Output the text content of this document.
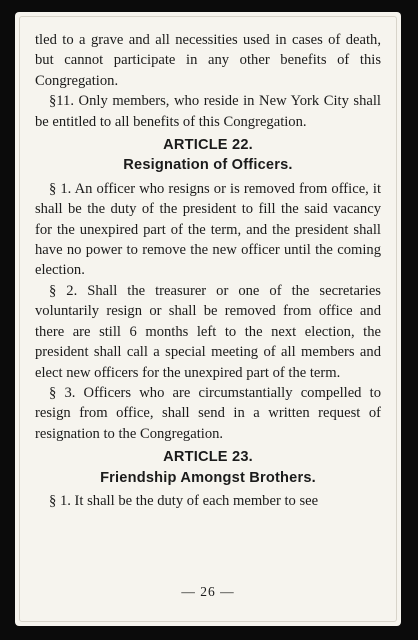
tled to a grave and all necessities used in cases of death, but cannot participate in any other benefits of this Congregation.

§11. Only members, who reside in New York City shall be entitled to all benefits of this Congregation.

ARTICLE 22.
Resignation of Officers.

§ 1. An officer who resigns or is removed from office, it shall be the duty of the president to fill the said vacancy for the unexpired part of the term, and the president shall have no power to remove the new officer until the coming election.

§ 2. Shall the treasurer or one of the secretaries voluntarily resign or shall be removed from office and there are still 6 months left to the next election, the president shall call a special meeting of all members and elect new officers for the unexpired part of the term.

§ 3. Officers who are circumstantially compelled to resign from office, shall send in a written request of resignation to the Congregation.

ARTICLE 23.
Friendship Amongst Brothers.

§ 1. It shall be the duty of each member to see

— 26 —
